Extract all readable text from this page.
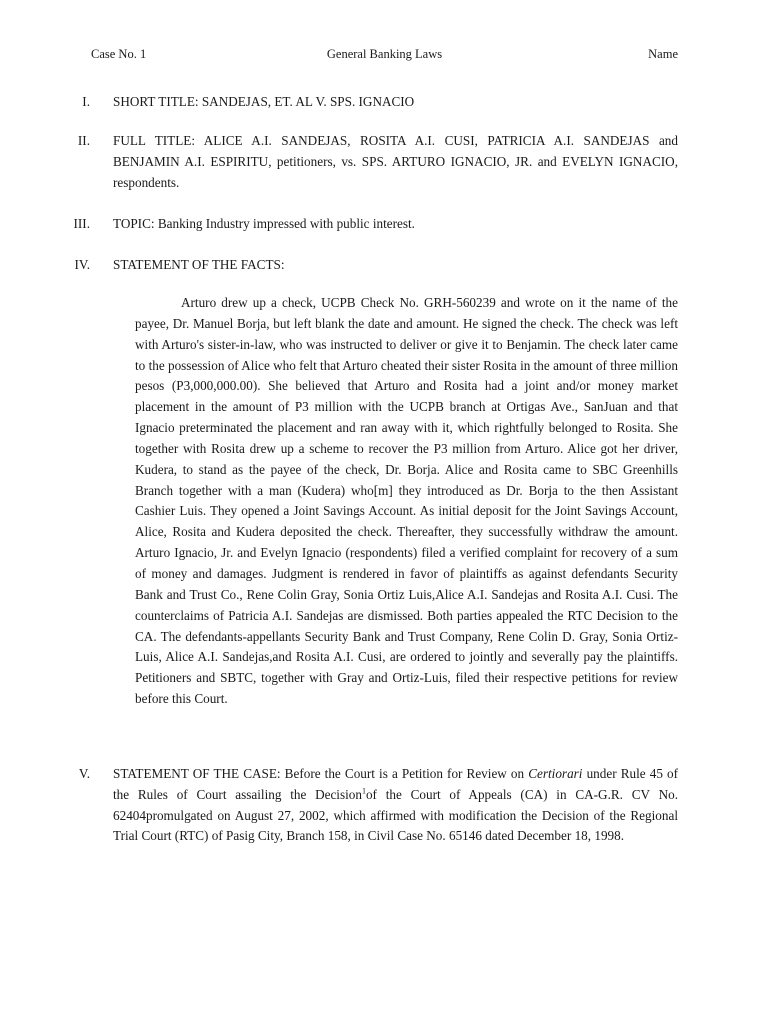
Case No. 1	General Banking Laws	Name
I. SHORT TITLE: SANDEJAS, ET. AL V. SPS. IGNACIO
II. FULL TITLE: ALICE A.I. SANDEJAS, ROSITA A.I. CUSI, PATRICIA A.I. SANDEJAS and BENJAMIN A.I. ESPIRITU, petitioners, vs. SPS. ARTURO IGNACIO, JR. and EVELYN IGNACIO, respondents.
III. TOPIC: Banking Industry impressed with public interest.
IV. STATEMENT OF THE FACTS:
Arturo drew up a check, UCPB Check No. GRH-560239 and wrote on it the name of the payee, Dr. Manuel Borja, but left blank the date and amount. He signed the check. The check was left with Arturo's sister-in-law, who was instructed to deliver or give it to Benjamin. The check later came to the possession of Alice who felt that Arturo cheated their sister Rosita in the amount of three million pesos (P3,000,000.00). She believed that Arturo and Rosita had a joint and/or money market placement in the amount of P3 million with the UCPB branch at Ortigas Ave., SanJuan and that Ignacio preterminated the placement and ran away with it, which rightfully belonged to Rosita. She together with Rosita drew up a scheme to recover the P3 million from Arturo. Alice got her driver, Kudera, to stand as the payee of the check, Dr. Borja. Alice and Rosita came to SBC Greenhills Branch together with a man (Kudera) who[m] they introduced as Dr. Borja to the then Assistant Cashier Luis. They opened a Joint Savings Account. As initial deposit for the Joint Savings Account, Alice, Rosita and Kudera deposited the check. Thereafter, they successfully withdraw the amount. Arturo Ignacio, Jr. and Evelyn Ignacio (respondents) filed a verified complaint for recovery of a sum of money and damages. Judgment is rendered in favor of plaintiffs as against defendants Security Bank and Trust Co., Rene Colin Gray, Sonia Ortiz Luis,Alice A.I. Sandejas and Rosita A.I. Cusi. The counterclaims of Patricia A.I. Sandejas are dismissed. Both parties appealed the RTC Decision to the CA. The defendants-appellants Security Bank and Trust Company, Rene Colin D. Gray, Sonia Ortiz-Luis, Alice A.I. Sandejas,and Rosita A.I. Cusi, are ordered to jointly and severally pay the plaintiffs. Petitioners and SBTC, together with Gray and Ortiz-Luis, filed their respective petitions for review before this Court.
V. STATEMENT OF THE CASE: Before the Court is a Petition for Review on Certiorari under Rule 45 of the Rules of Court assailing the Decision$^1$of the Court of Appeals (CA) in CA-G.R. CV No. 62404promulgated on August 27, 2002, which affirmed with modification the Decision of the Regional Trial Court (RTC) of Pasig City, Branch 158, in Civil Case No. 65146 dated December 18, 1998.
